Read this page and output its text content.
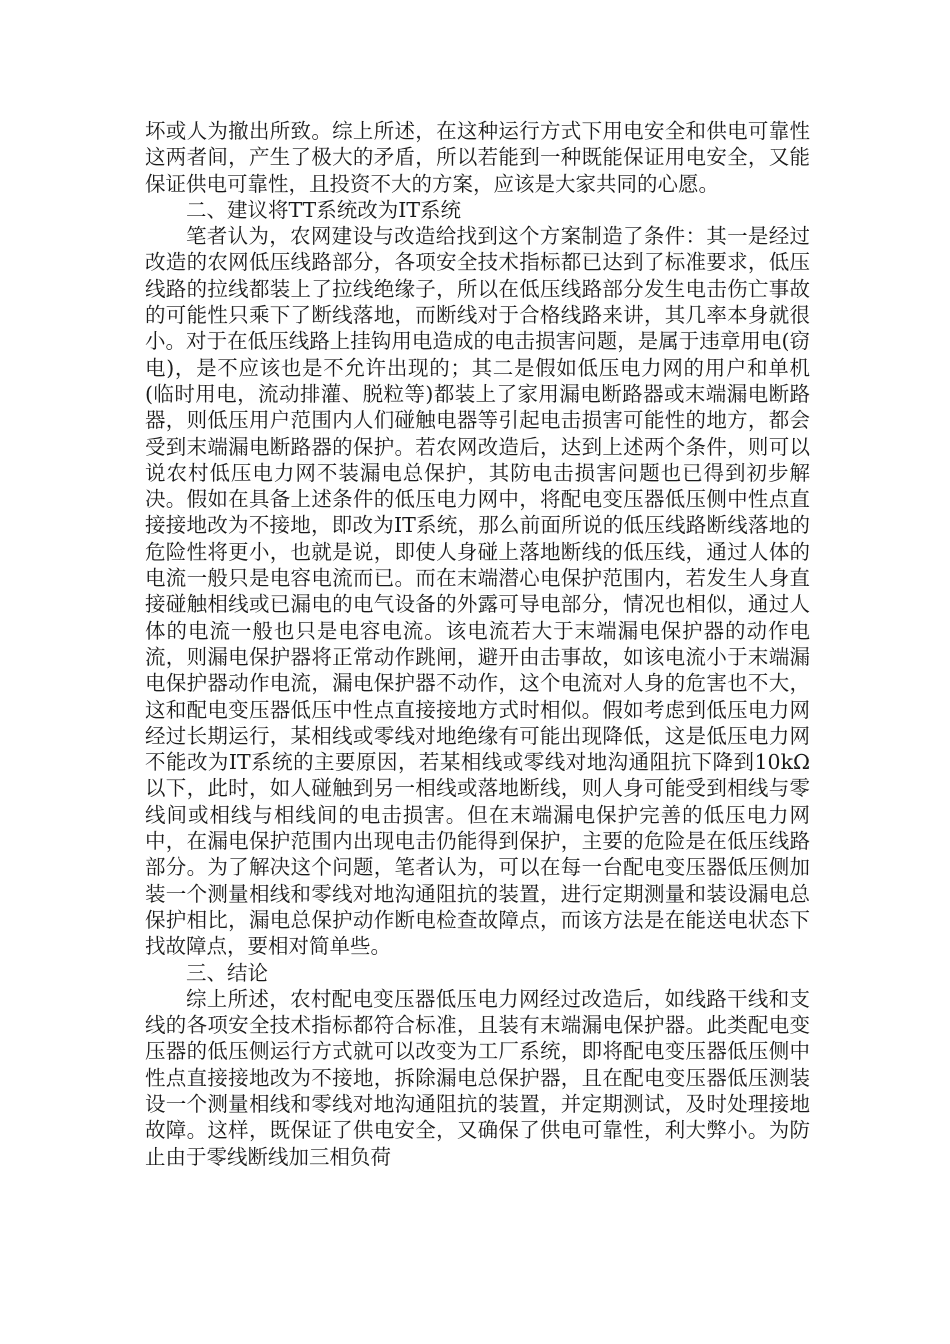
坏或人为撤出所致。综上所述，在这种运行方式下用电安全和供电可靠性这两者间，产生了极大的矛盾，所以若能到一种既能保证用电安全，又能保证供电可靠性，且投资不大的方案，应该是大家共同的心愿。

二、建议将TT系统改为IT系统

笔者认为，农网建设与改造给找到这个方案制造了条件：其一是经过改造的农网低压线路部分，各项安全技术指标都已达到了标准要求，低压线路的拉线都装上了拉线绝缘子，所以在低压线路部分发生电击伤亡事故的可能性只乘下了断线落地，而断线对于合格线路来讲，其几率本身就很小。对于在低压线路上挂钩用电造成的电击损害问题，是属于违章用电(窃电)，是不应该也是不允许出现的；其二是假如低压电力网的用户和单机(临时用电，流动排灌、脱粒等)都装上了家用漏电断路器或末端漏电断路器，则低压用户范围内人们碰触电器等引起电击损害可能性的地方，都会受到末端漏电断路器的保护。若农网改造后，达到上述两个条件，则可以说农村低压电力网不装漏电总保护，其防电击损害问题也已得到初步解决。假如在具备上述条件的低压电力网中，将配电变压器低压侧中性点直接接地改为不接地，即改为IT系统，那么前面所说的低压线路断线落地的危险性将更小，也就是说，即使人身碰上落地断线的低压线，通过人体的电流一般只是电容电流而已。而在末端潜心电保护范围内，若发生人身直接碰触相线或已漏电的电气设备的外露可导电部分，情况也相似，通过人体的电流一般也只是电容电流。该电流若大于末端漏电保护器的动作电流，则漏电保护器将正常动作跳闸，避开由击事故，如该电流小于末端漏电保护器动作电流，漏电保护器不动作，这个电流对人身的危害也不大，这和配电变压器低压中性点直接接地方式时相似。假如考虑到低压电力网经过长期运行，某相线或零线对地绝缘有可能出现降低，这是低压电力网不能改为IT系统的主要原因，若某相线或零线对地沟通阻抗下降到10kΩ以下，此时，如人碰触到另一相线或落地断线，则人身可能受到相线与零线间或相线与相线间的电击损害。但在末端漏电保护完善的低压电力网中，在漏电保护范围内出现电击仍能得到保护，主要的危险是在低压线路部分。为了解决这个问题，笔者认为，可以在每一台配电变压器低压侧加装一个测量相线和零线对地沟通阻抗的装置，进行定期测量和装设漏电总保护相比，漏电总保护动作断电检查故障点，而该方法是在能送电状态下找故障点，要相对简单些。

三、结论

综上所述，农村配电变压器低压电力网经过改造后，如线路干线和支线的各项安全技术指标都符合标准，且装有末端漏电保护器。此类配电变压器的低压侧运行方式就可以改变为工厂系统，即将配电变压器低压侧中性点直接接地改为不接地，拆除漏电总保护器，且在配电变压器低压测装设一个测量相线和零线对地沟通阻抗的装置，并定期测试，及时处理接地故障。这样，既保证了供电安全，又确保了供电可靠性，利大弊小。为防止由于零线断线加三相负荷
